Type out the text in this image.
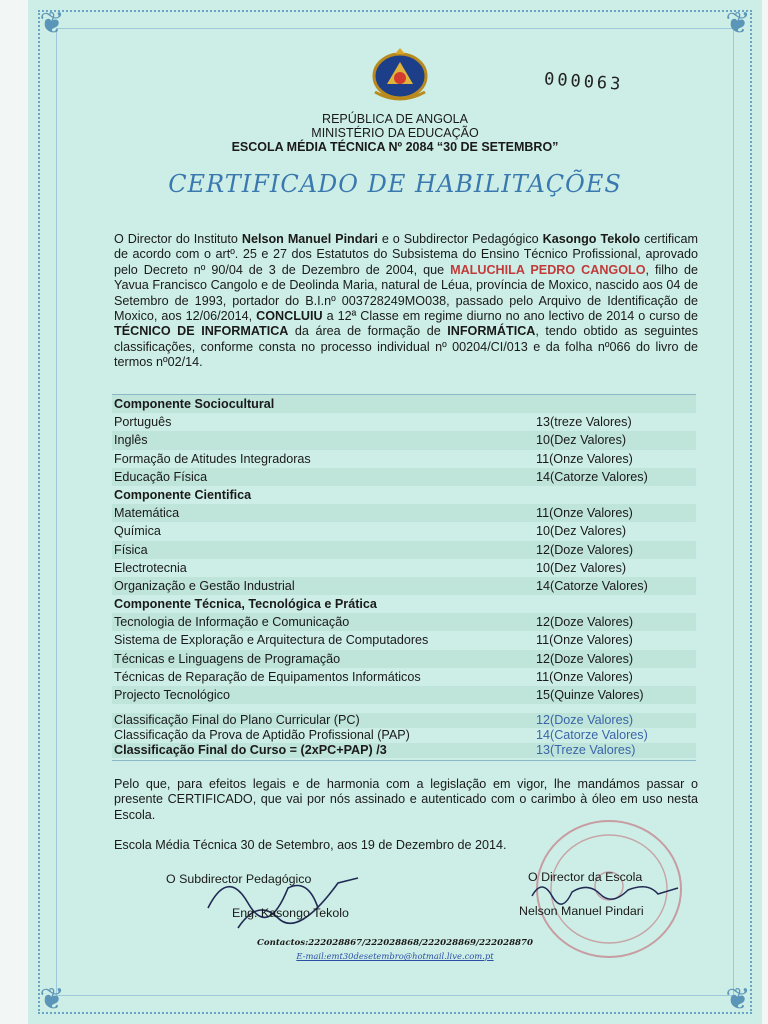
❦	❦
❦	❦
000063
REPÚBLICA DE ANGOLA
MINISTÉRIO DA EDUCAÇÃO
ESCOLA MÉDIA TÉCNICA Nº 2084 “30 DE SETEMBRO”
CERTIFICADO DE HABILITAÇÕES
O Director do Instituto Nelson Manuel Pindari e o Subdirector Pedagógico Kasongo Tekolo certificam de acordo com o artº. 25 e 27 dos Estatutos do Subsistema do Ensino Técnico Profissional, aprovado pelo Decreto nº 90/04 de 3 de Dezembro de 2004, que MALUCHILA PEDRO CANGOLO, filho de Yavua Francisco Cangolo e de Deolinda Maria, natural de Léua, província de Moxico, nascido aos 04 de Setembro de 1993, portador do B.I.nº 003728249MO038, passado pelo Arquivo de Identificação de Moxico, aos 12/06/2014, CONCLUIU a 12ª Classe em regime diurno no ano lectivo de 2014 o curso de TÉCNICO DE INFORMATICA da área de formação de INFORMÁTICA, tendo obtido as seguintes classificações, conforme consta no processo individual nº 00204/CI/013 e da folha nº066 do livro de termos nº02/14.
Componente Sociocultural
Português	13(treze Valores)
Inglês	10(Dez Valores)
Formação de Atitudes Integradoras	11(Onze Valores)
Educação Física	14(Catorze Valores)
Componente Cientifica
Matemática	11(Onze Valores)
Química	10(Dez Valores)
Física	12(Doze Valores)
Electrotecnia	10(Dez Valores)
Organização e Gestão Industrial	14(Catorze Valores)
Componente Técnica, Tecnológica e Prática
Tecnologia de Informação e Comunicação	12(Doze Valores)
Sistema de Exploração e Arquitectura de Computadores	11(Onze Valores)
Técnicas e Linguagens de Programação	12(Doze Valores)
Técnicas de Reparação de Equipamentos Informáticos	11(Onze Valores)
Projecto Tecnológico	15(Quinze Valores)
Classificação Final do Plano Curricular (PC)	12(Doze Valores)
Classificação da Prova de Aptidão Profissional (PAP)	14(Catorze Valores)
Classificação Final do Curso = (2xPC+PAP) /3	13(Treze Valores)
Pelo que, para efeitos legais e de harmonia com a legislação em vigor, lhe mandámos passar o presente CERTIFICADO, que vai por nós assinado e autenticado com o carimbo à óleo em uso nesta Escola.
Escola Média Técnica 30 de Setembro, aos 19 de Dezembro de 2014.
O Subdirector Pedagógico
Eng. Kasongo Tekolo
O Director da Escola
Nelson Manuel Pindari
Contactos:222028867/222028868/222028869/222028870
E-mail:emt30desetembro@hotmail.live.com.pt
